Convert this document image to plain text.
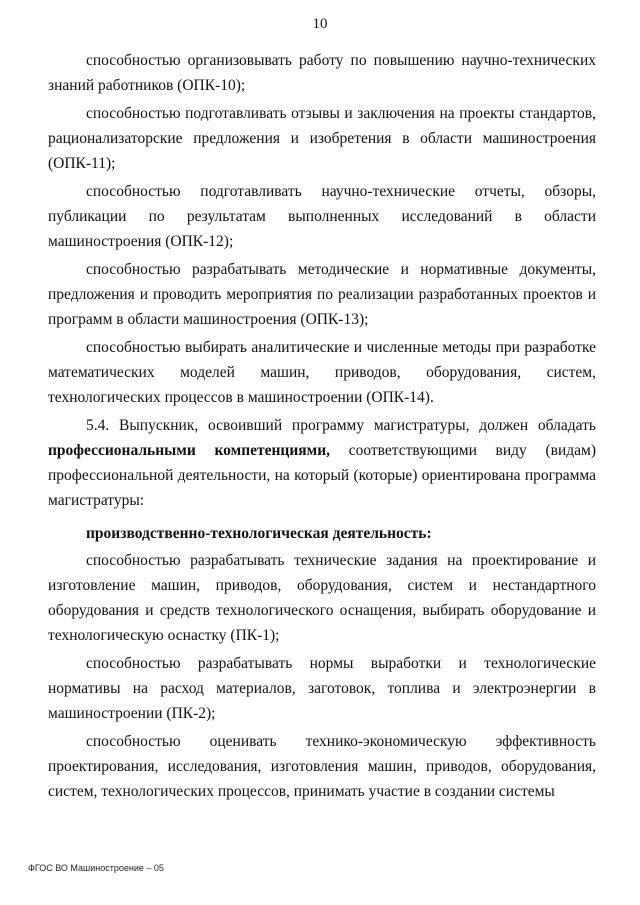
10

способностью организовывать работу по повышению научно-технических знаний работников (ОПК-10);

способностью подготавливать отзывы и заключения на проекты стандартов, рационализаторские предложения и изобретения в области машиностроения (ОПК-11);

способностью подготавливать научно-технические отчеты, обзоры, публикации по результатам выполненных исследований в области машиностроения (ОПК-12);

способностью разрабатывать методические и нормативные документы, предложения и проводить мероприятия по реализации разработанных проектов и программ в области машиностроения (ОПК-13);

способностью выбирать аналитические и численные методы при разработке математических моделей машин, приводов, оборудования, систем, технологических процессов в машиностроении (ОПК-14).

5.4. Выпускник, освоивший программу магистратуры, должен обладать профессиональными компетенциями, соответствующими виду (видам) профессиональной деятельности, на который (которые) ориентирована программа магистратуры:

производственно-технологическая деятельность:

способностью разрабатывать технические задания на проектирование и изготовление машин, приводов, оборудования, систем и нестандартного оборудования и средств технологического оснащения, выбирать оборудование и технологическую оснастку (ПК-1);

способностью разрабатывать нормы выработки и технологические нормативы на расход материалов, заготовок, топлива и электроэнергии в машиностроении (ПК-2);

способностью оценивать технико-экономическую эффективность проектирования, исследования, изготовления машин, приводов, оборудования, систем, технологических процессов, принимать участие в создании системы

ФГОС ВО Машиностроение – 05
